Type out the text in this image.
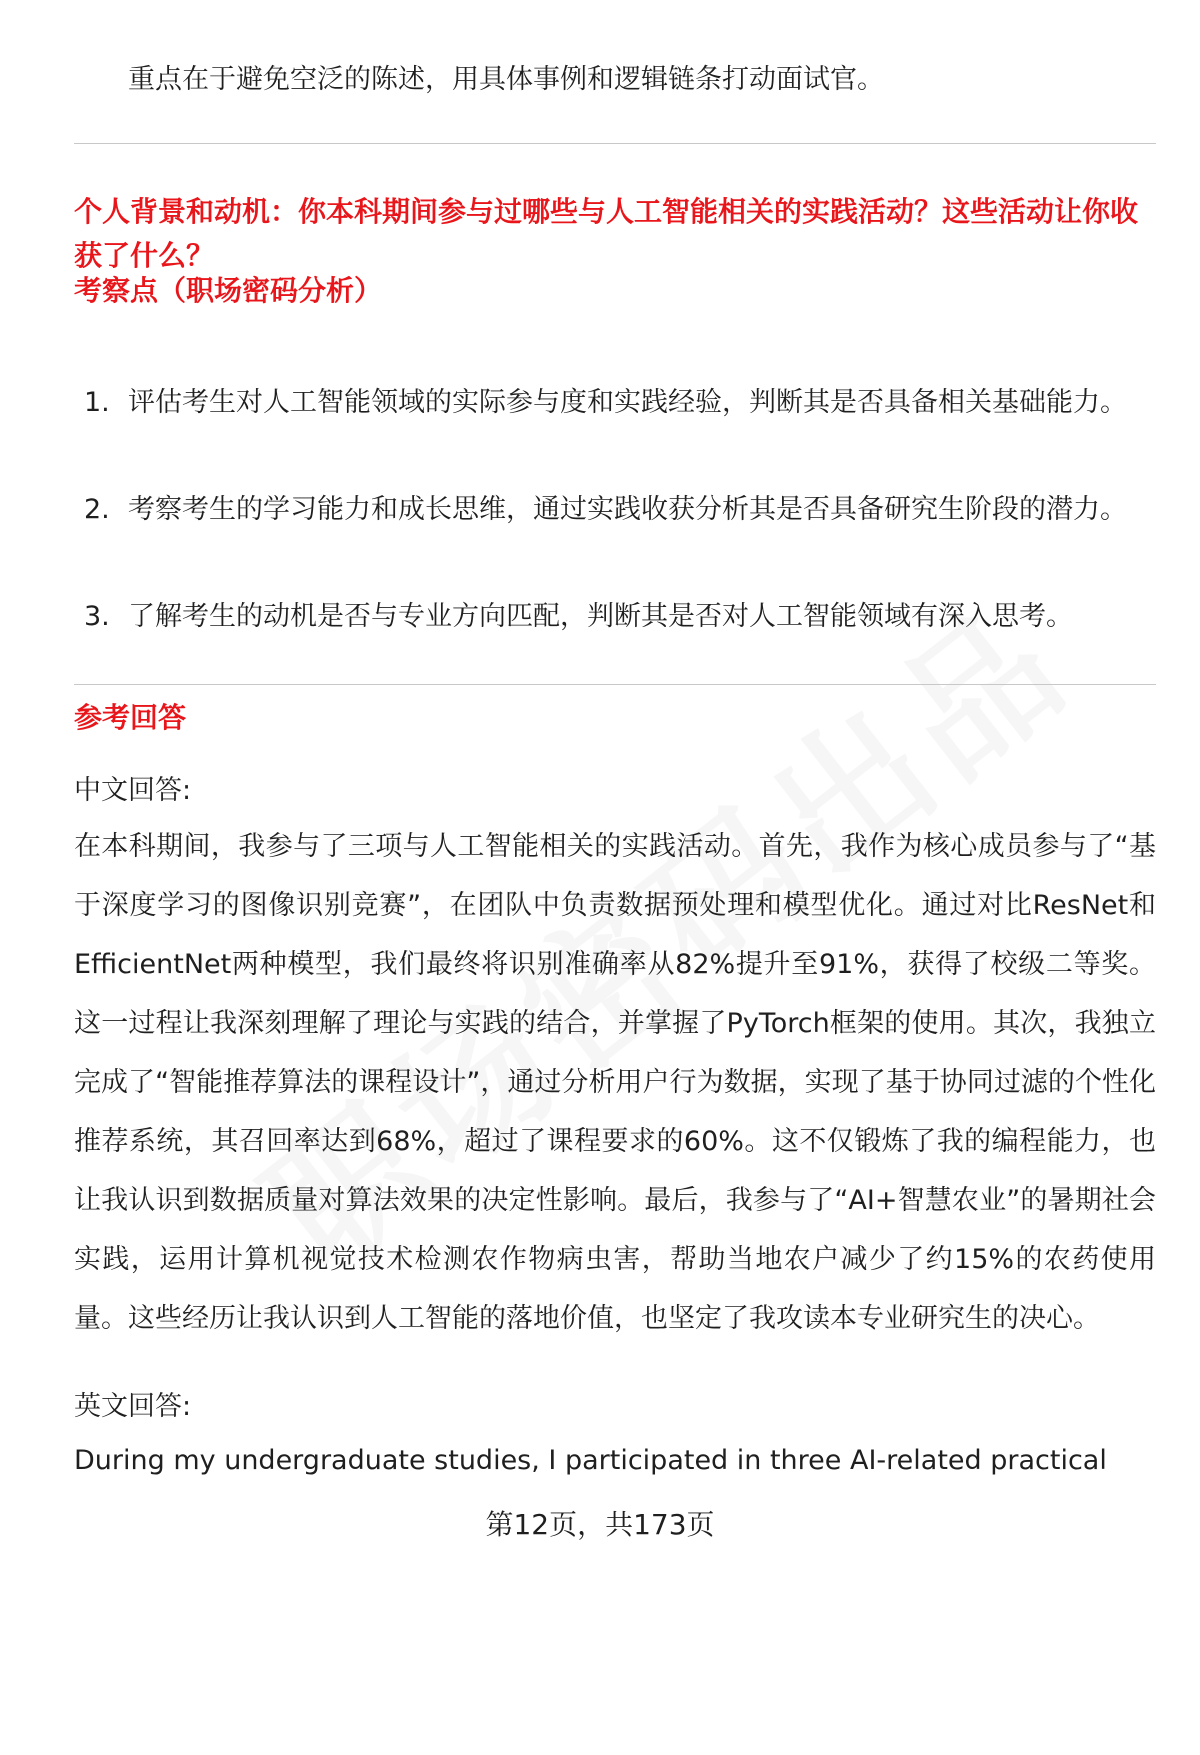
重点在于避免空泛的陈述，用具体事例和逻辑链条打动面试官。

个人背景和动机：你本科期间参与过哪些与人工智能相关的实践活动？这些活动让你收获了什么？
考察点（职场密码分析）
1. 评估考生对人工智能领域的实际参与度和实践经验，判断其是否具备相关基础能力。
2. 考察考生的学习能力和成长思维，通过实践收获分析其是否具备研究生阶段的潜力。
3. 了解考生的动机是否与专业方向匹配，判断其是否对人工智能领域有深入思考。
参考回答

中文回答:

在本科期间，我参与了三项与人工智能相关的实践活动。首先，我作为核心成员参与了“基于深度学习的图像识别竞赛”，在团队中负责数据预处理和模型优化。通过对比ResNet和EfficientNet两种模型，我们最终将识别准确率从82%提升至91%，获得了校级二等奖。这一过程让我深刻理解了理论与实践的结合，并掌握了PyTorch框架的使用。其次，我独立完成了“智能推荐算法的课程设计”，通过分析用户行为数据，实现了基于协同过滤的个性化推荐系统，其召回率达到68%，超过了课程要求的60%。这不仅锻炼了我的编程能力，也让我认识到数据质量对算法效果的决定性影响。最后，我参与了“AI+智慧农业”的暑期社会实践，运用计算机视觉技术检测农作物病虫害，帮助当地农户减少了约15%的农药使用量。这些经历让我认识到人工智能的落地价值，也坚定了我攻读本专业研究生的决心。

英文回答:

During my undergraduate studies, I participated in three AI-related practical

第12页，共173页
